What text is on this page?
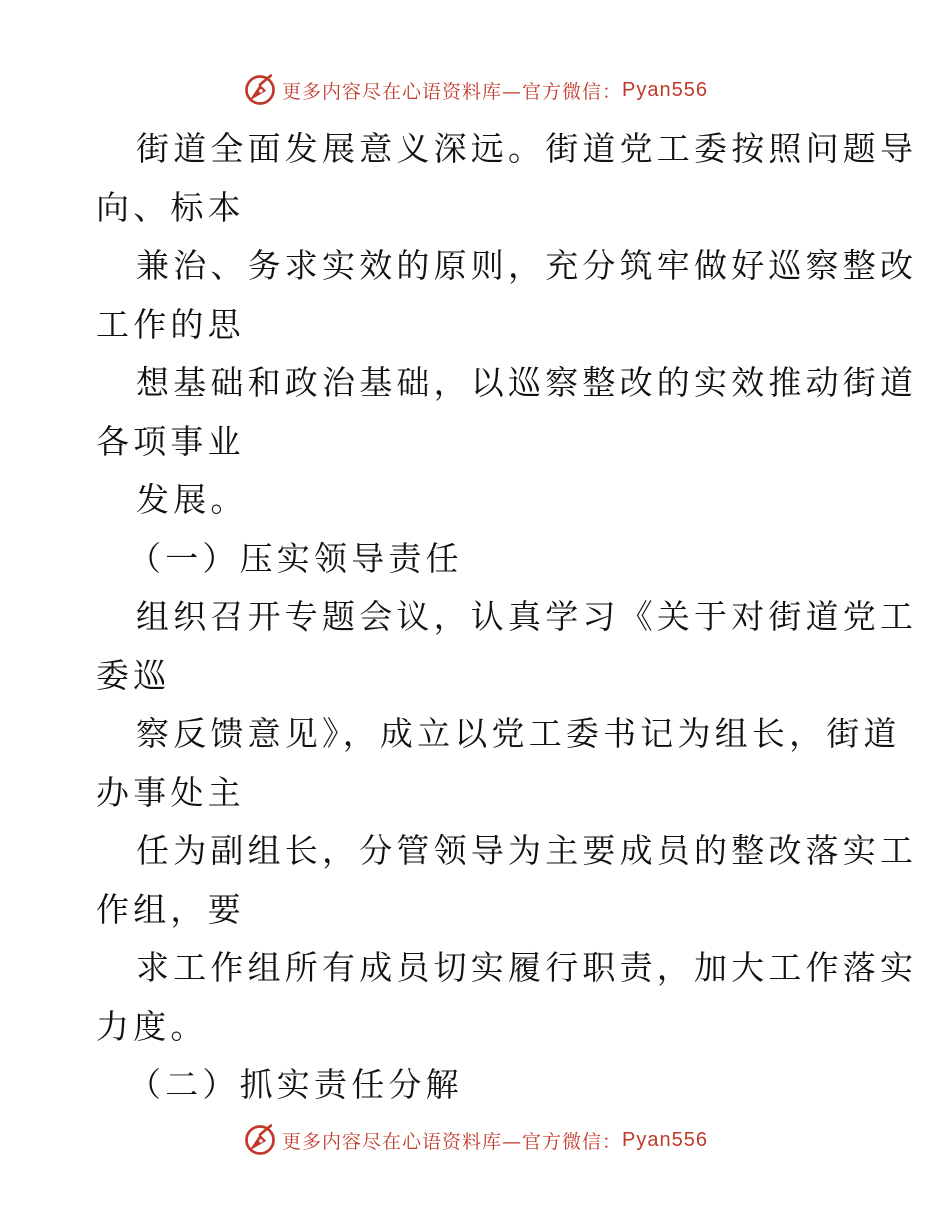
更多内容尽在心语资料库—官方微信： Pyan556
街道全面发展意义深远。街道党工委按照问题导
向、标本
兼治、务求实效的原则，充分筑牢做好巡察整改
工作的思
想基础和政治基础，以巡察整改的实效推动街道
各项事业
发展。
（一）压实领导责任
组织召开专题会议，认真学习《关于对街道党工
委巡
察反馈意见》，成立以党工委书记为组长，街道
办事处主
任为副组长，分管领导为主要成员的整改落实工
作组，要
求工作组所有成员切实履行职责，加大工作落实
力度。
（二）抓实责任分解
更多内容尽在心语资料库—官方微信： Pyan556
